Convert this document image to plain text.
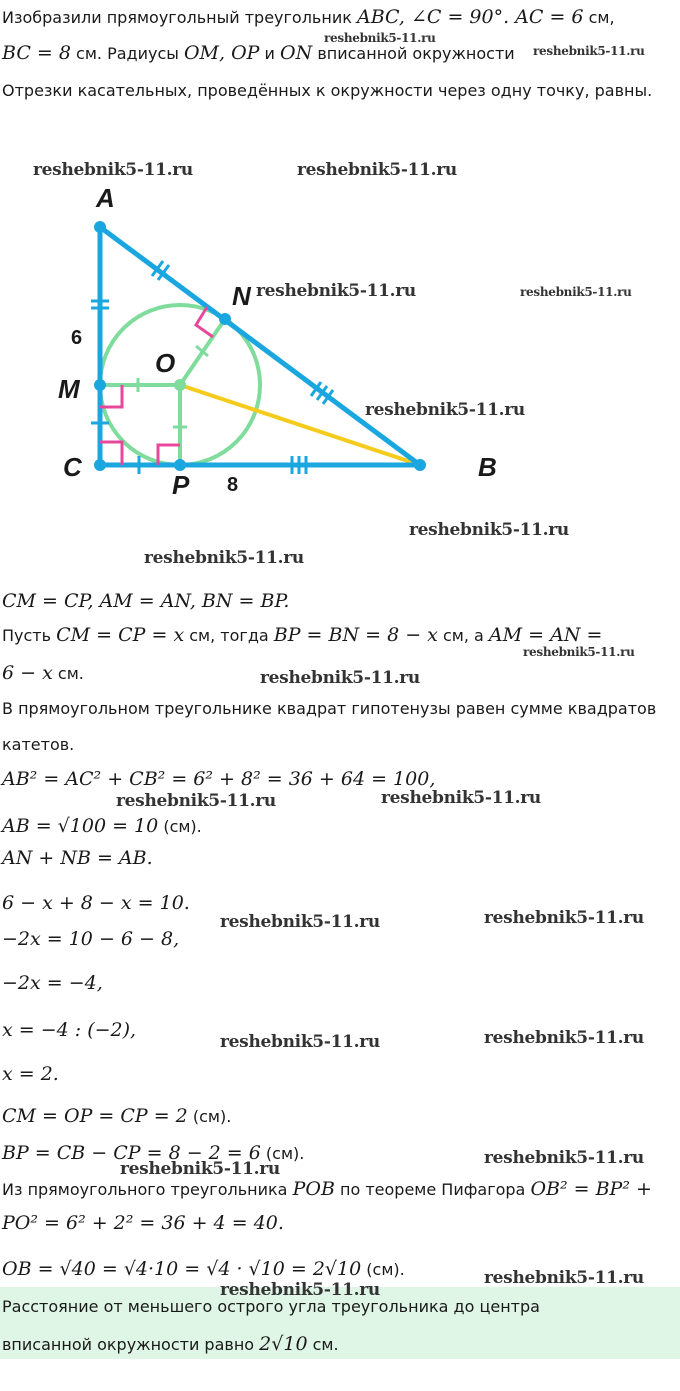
Изобразили прямоугольный треугольник ABC, ∠C = 90°. AC = 6 см,
BC = 8 см. Радиусы OM, OP и ON вписанной окружности
Отрезки касательных, проведённых к окружности через одну точку, равны.
A
N
O
M
C
P
B
6
8
CM = CP, AM = AN, BN = BP.
Пусть CM = CP = x см, тогда BP = BN = 8 − x см, а AM = AN =
6 − x см.
В прямоугольном треугольнике квадрат гипотенузы равен сумме квадратов
катетов.
AB² = AC² + CB² = 6² + 8² = 36 + 64 = 100,
AB = √100 = 10 (см).
AN + NB = AB.
6 − x + 8 − x = 10.
−2x = 10 − 6 − 8,
−2x = −4,
x = −4 : (−2),
x = 2.
CM = OP = CP = 2 (см).
BP = CB − CP = 8 − 2 = 6 (см).
Из прямоугольного треугольника POB по теореме Пифагора OB² = BP² +
PO² = 6² + 2² = 36 + 4 = 40.
OB = √40 = √4·10 = √4 · √10 = 2√10 (см).
Расстояние от меньшего острого угла треугольника до центра
вписанной окружности равно 2√10 см.
reshebnik5-11.ru
reshebnik5-11.ru
reshebnik5-11.ru	reshebnik5-11.ru
reshebnik5-11.ru	reshebnik5-11.ru
reshebnik5-11.ru
reshebnik5-11.ru
reshebnik5-11.ru
reshebnik5-11.ru
reshebnik5-11.ru
reshebnik5-11.ru	reshebnik5-11.ru
reshebnik5-11.ru	reshebnik5-11.ru
reshebnik5-11.ru	reshebnik5-11.ru
reshebnik5-11.ru
reshebnik5-11.ru
reshebnik5-11.ru
reshebnik5-11.ru
